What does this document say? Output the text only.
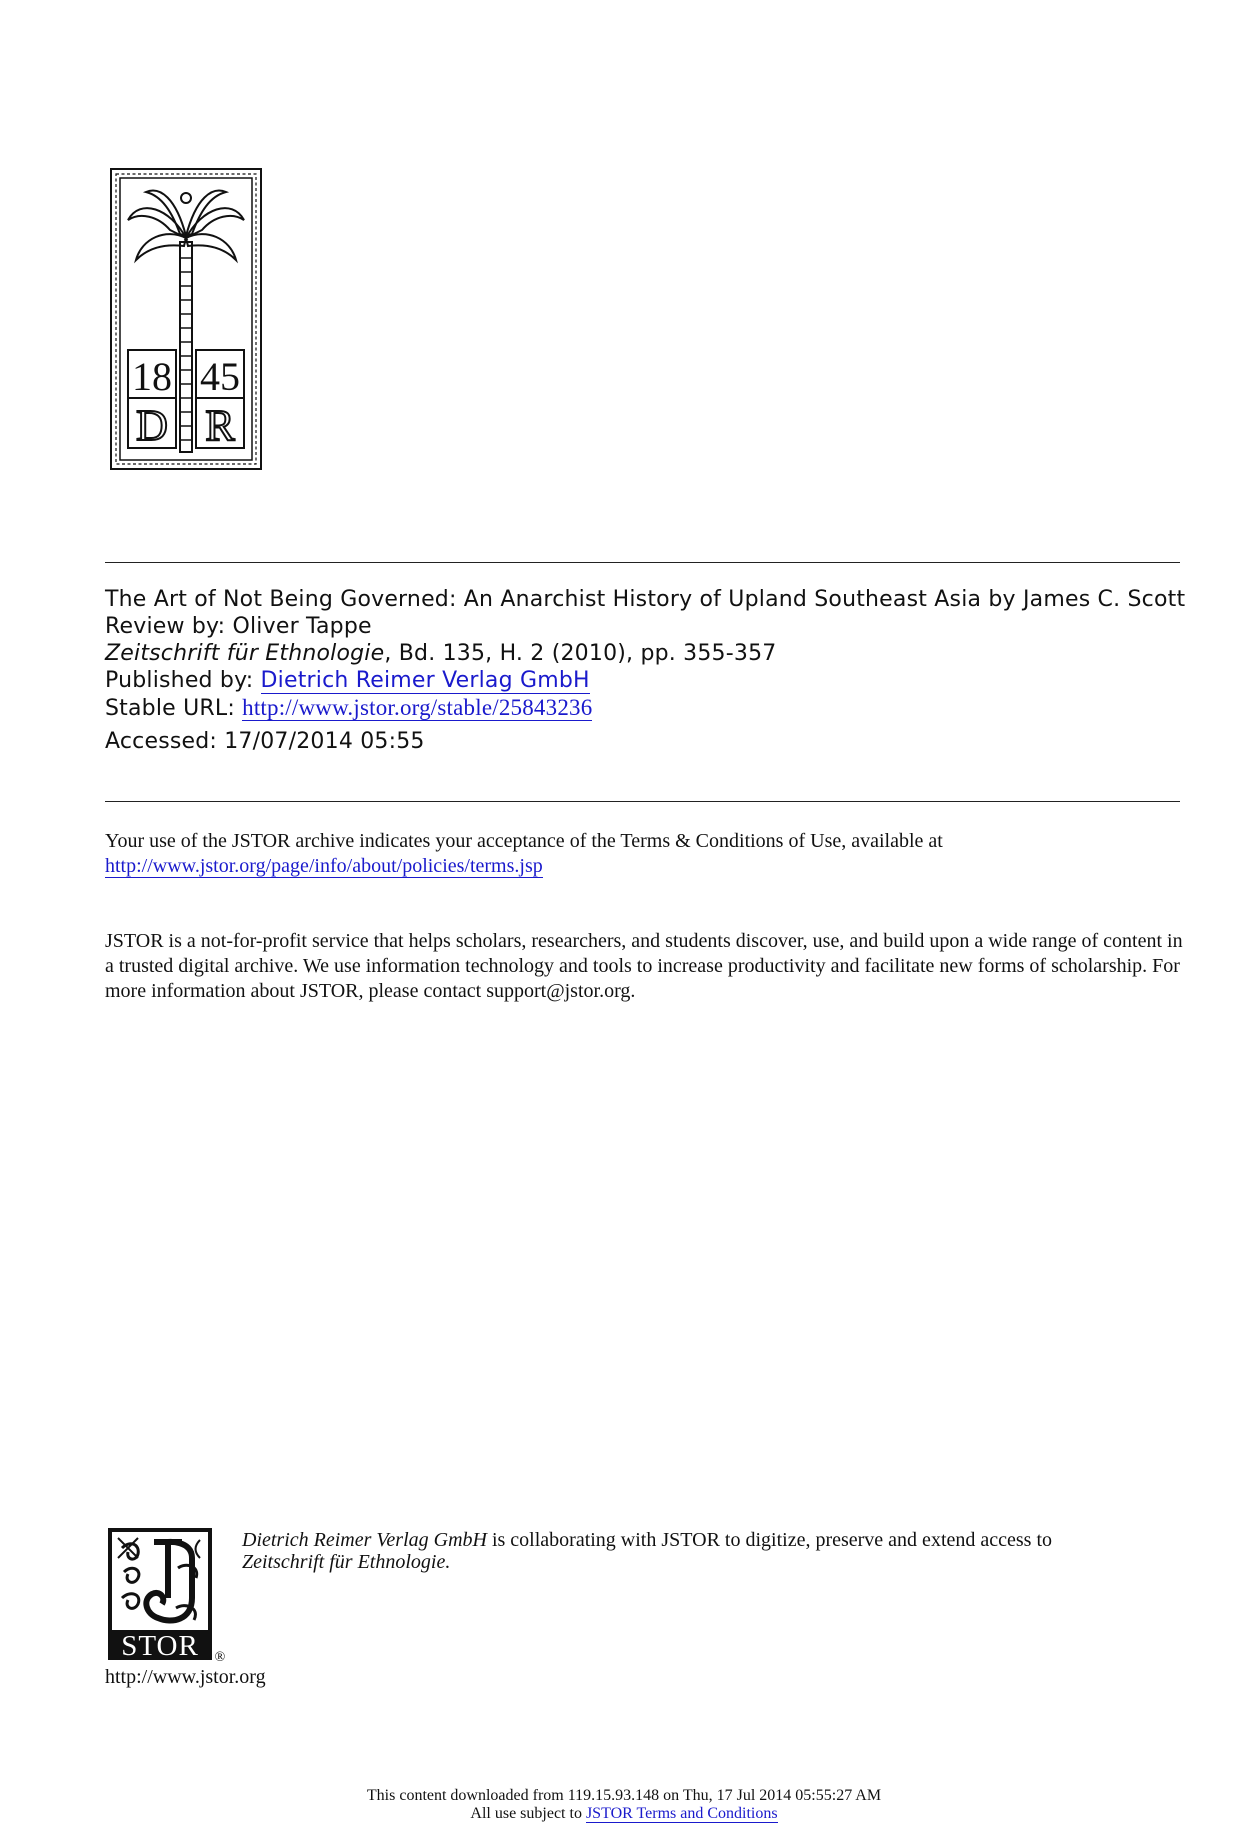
18 45
D R
The Art of Not Being Governed: An Anarchist History of Upland Southeast Asia by James C. Scott
Review by: Oliver Tappe
Zeitschrift für Ethnologie, Bd. 135, H. 2 (2010), pp. 355-357
Published by: Dietrich Reimer Verlag GmbH
Stable URL: http://www.jstor.org/stable/25843236
Accessed: 17/07/2014 05:55
Your use of the JSTOR archive indicates your acceptance of the Terms & Conditions of Use, available at
http://www.jstor.org/page/info/about/policies/terms.jsp
JSTOR is a not-for-profit service that helps scholars, researchers, and students discover, use, and build upon a wide range of content in a trusted digital archive. We use information technology and tools to increase productivity and facilitate new forms of scholarship. For more information about JSTOR, please contact support@jstor.org.
STOR ®
Dietrich Reimer Verlag GmbH is collaborating with JSTOR to digitize, preserve and extend access to
Zeitschrift für Ethnologie.
http://www.jstor.org
This content downloaded from 119.15.93.148 on Thu, 17 Jul 2014 05:55:27 AM
All use subject to JSTOR Terms and Conditions
